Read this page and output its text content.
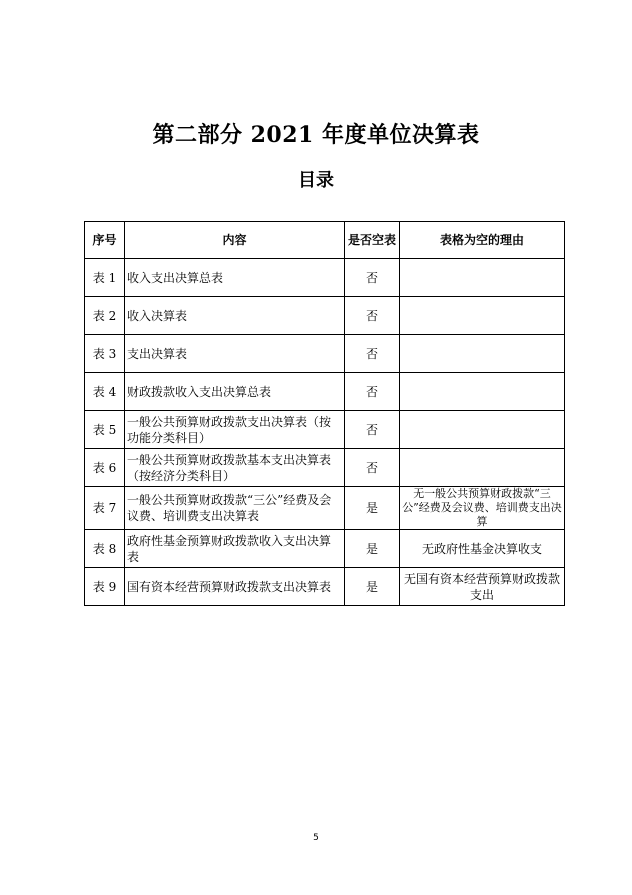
第二部分 2021 年度单位决算表
目录
序号	内容	是否空表	表格为空的理由
表 1	收入支出决算总表	否	
表 2	收入决算表	否	
表 3	支出决算表	否	
表 4	财政拨款收入支出决算总表	否	
表 5	一般公共预算财政拨款支出决算表（按功能分类科目）	否	
表 6	一般公共预算财政拨款基本支出决算表（按经济分类科目）	否	
表 7	一般公共预算财政拨款“三公”经费及会议费、培训费支出决算表	是	无一般公共预算财政拨款“三公”经费及会议费、培训费支出决算
表 8	政府性基金预算财政拨款收入支出决算表	是	无政府性基金决算收支
表 9	国有资本经营预算财政拨款支出决算表	是	无国有资本经营预算财政拨款支出
5
